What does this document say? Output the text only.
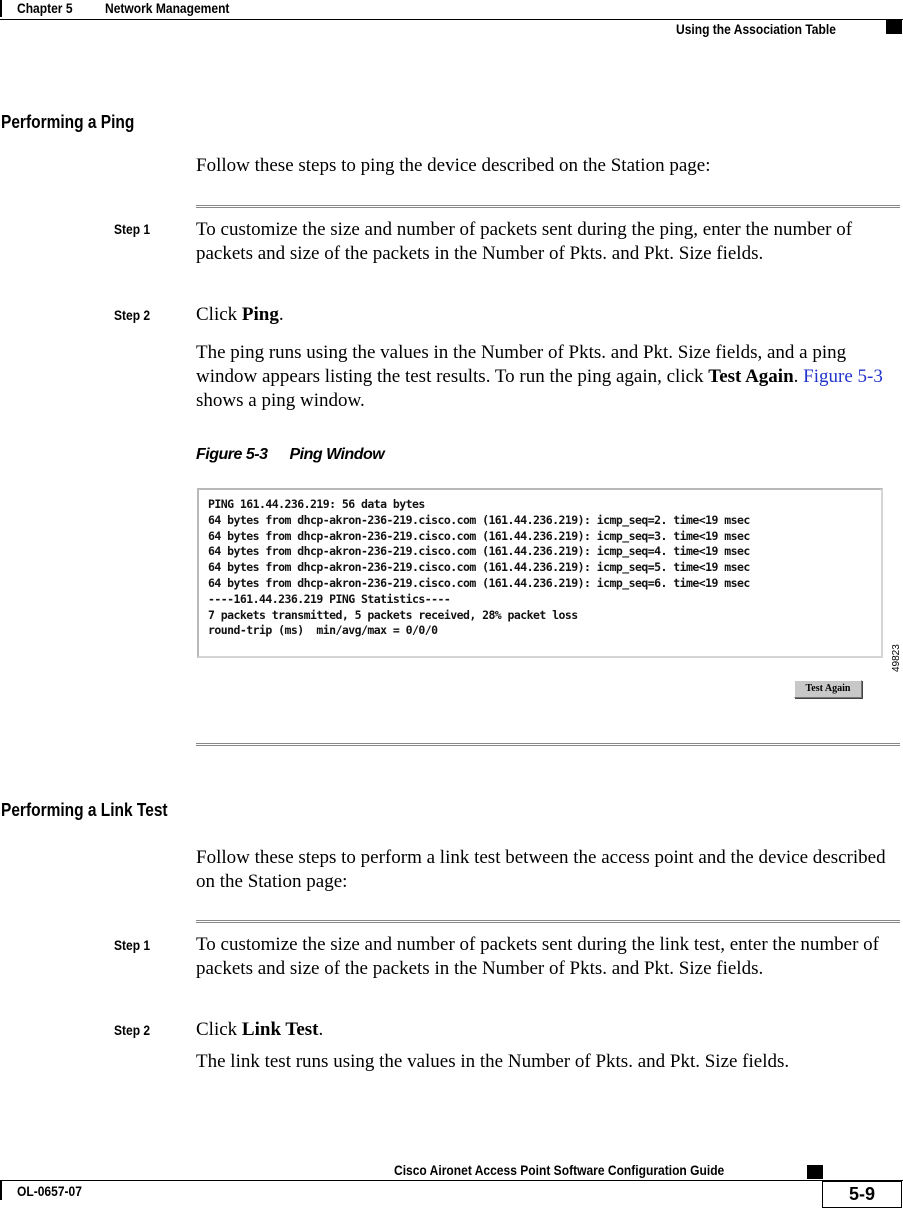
Chapter 5 Network Management
Using the Association Table
Performing a Ping
Follow these steps to ping the device described on the Station page:
Step 1 To customize the size and number of packets sent during the ping, enter the number of packets and size of the packets in the Number of Pkts. and Pkt. Size fields.
Step 2 Click Ping.
The ping runs using the values in the Number of Pkts. and Pkt. Size fields, and a ping window appears listing the test results. To run the ping again, click Test Again. Figure 5-3 shows a ping window.
Figure 5-3 Ping Window
PING 161.44.236.219: 56 data bytes
64 bytes from dhcp-akron-236-219.cisco.com (161.44.236.219): icmp_seq=2. time<19 msec
64 bytes from dhcp-akron-236-219.cisco.com (161.44.236.219): icmp_seq=3. time<19 msec
64 bytes from dhcp-akron-236-219.cisco.com (161.44.236.219): icmp_seq=4. time<19 msec
64 bytes from dhcp-akron-236-219.cisco.com (161.44.236.219): icmp_seq=5. time<19 msec
64 bytes from dhcp-akron-236-219.cisco.com (161.44.236.219): icmp_seq=6. time<19 msec
----161.44.236.219 PING Statistics----
7 packets transmitted, 5 packets received, 28% packet loss
round-trip (ms)  min/avg/max = 0/0/0
Test Again
49823
Performing a Link Test
Follow these steps to perform a link test between the access point and the device described on the Station page:
Step 1 To customize the size and number of packets sent during the link test, enter the number of packets and size of the packets in the Number of Pkts. and Pkt. Size fields.
Step 2 Click Link Test.
The link test runs using the values in the Number of Pkts. and Pkt. Size fields.
Cisco Aironet Access Point Software Configuration Guide
OL-0657-07	5-9
